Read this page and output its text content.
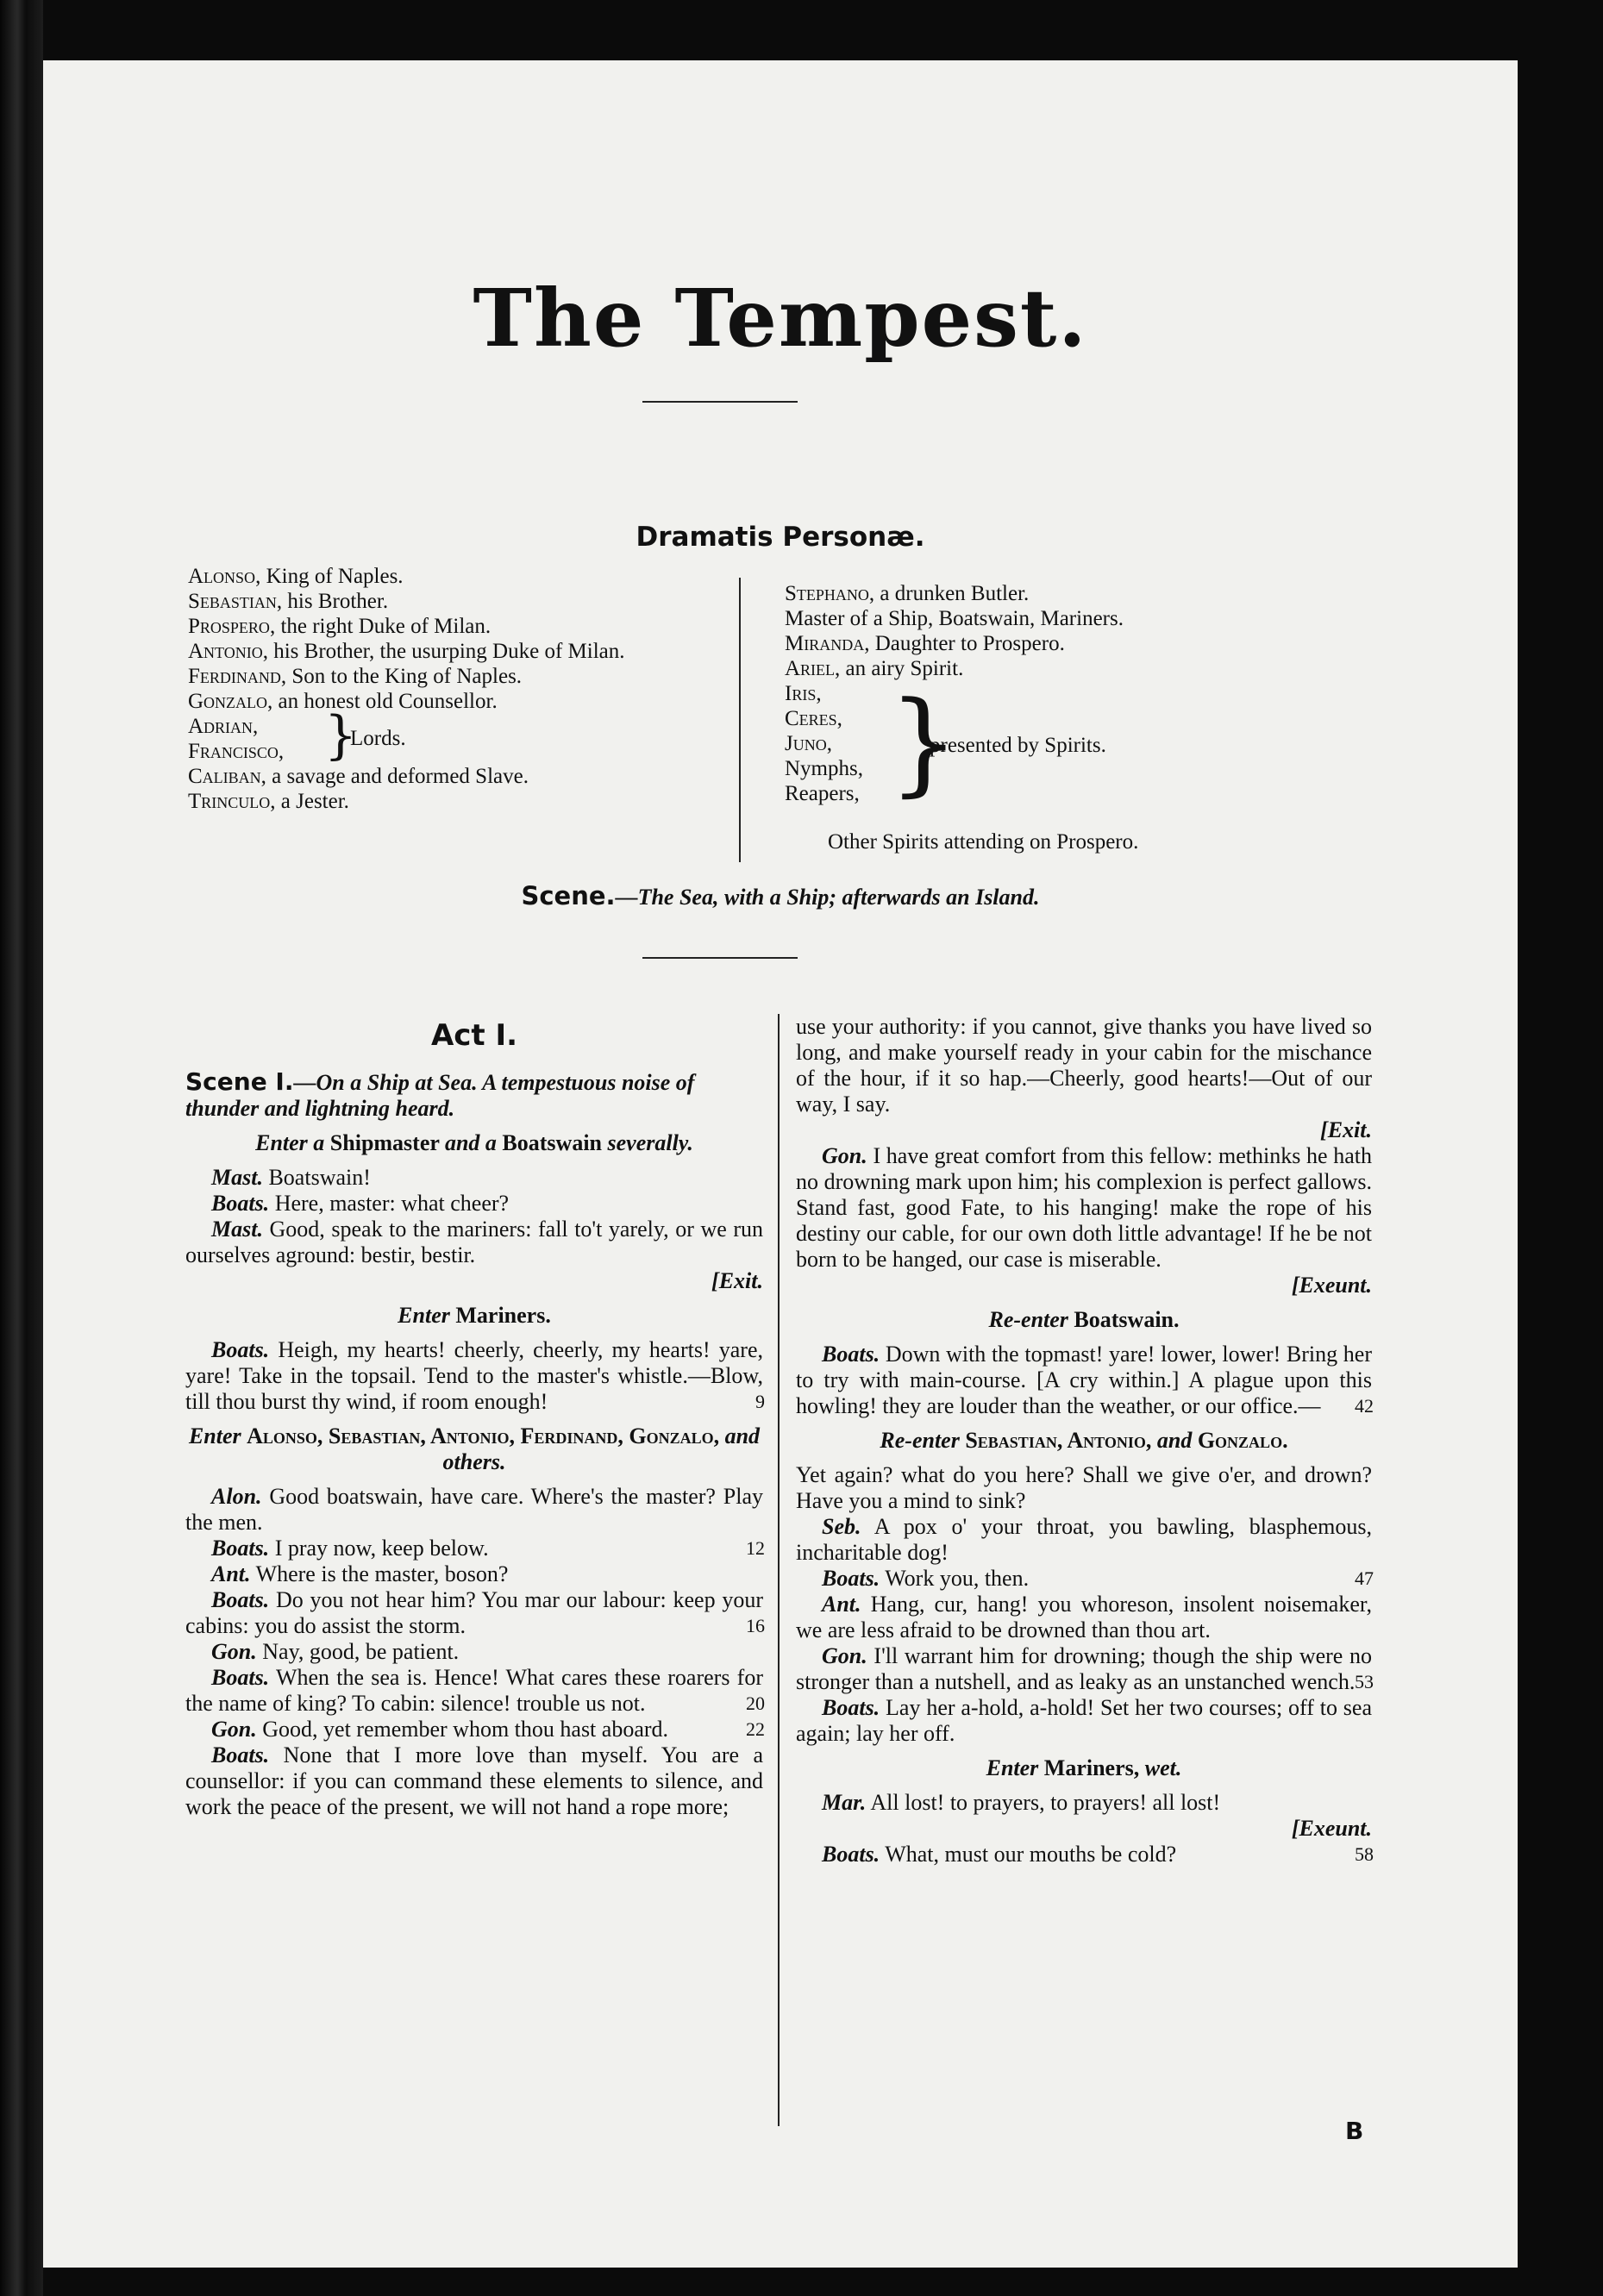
The Tempest.
Dramatis Personæ.

Alonso, King of Naples.

Sebastian, his Brother.

Prospero, the right Duke of Milan.

Antonio, his Brother, the usurping Duke of Milan.

Ferdinand, Son to the King of Naples.

Gonzalo, an honest old Counsellor.

Adrian,
Francisco, }
Lords.

Caliban, a savage and deformed Slave.

Trinculo, a Jester.

Stephano, a drunken Butler.

Master of a Ship, Boatswain, Mariners.

Miranda, Daughter to Prospero.

Ariel, an airy Spirit.

Iris,
Ceres,
Juno,
Nymphs,
Reapers, }
presented by Spirits.

Other Spirits attending on Prospero.

Scene.—The Sea, with a Ship; afterwards an Island.
Act I.

Scene I.—On a Ship at Sea. A tempestuous noise of thunder and lightning heard.

Enter a Shipmaster and a Boatswain severally.

Mast. Boatswain!

Boats. Here, master: what cheer?

Mast. Good, speak to the mariners: fall to't yarely, or we run ourselves aground: bestir, bestir.
[Exit.

Enter Mariners.

Boats. Heigh, my hearts! cheerly, cheerly, my hearts! yare, yare! Take in the topsail. Tend to the master's whistle.—Blow, till thou burst thy wind, if room enough!	9

Enter Alonso, Sebastian, Antonio, Ferdinand, Gonzalo, and others.

Alon. Good boatswain, have care. Where's the master? Play the men.

Boats. I pray now, keep below.	12

Ant. Where is the master, boson?

Boats. Do you not hear him? You mar our labour: keep your cabins: you do assist the storm.	16

Gon. Nay, good, be patient.

Boats. When the sea is. Hence! What cares these roarers for the name of king? To cabin: silence! trouble us not.	20

Gon. Good, yet remember whom thou hast aboard.	22

Boats. None that I more love than myself. You are a counsellor: if you can command these elements to silence, and work the peace of the present, we will not hand a rope more;

use your authority: if you cannot, give thanks you have lived so long, and make yourself ready in your cabin for the mischance of the hour, if it so hap.—Cheerly, good hearts!—Out of our way, I say.
[Exit.

Gon. I have great comfort from this fellow: methinks he hath no drowning mark upon him; his complexion is perfect gallows. Stand fast, good Fate, to his hanging! make the rope of his destiny our cable, for our own doth little advantage! If he be not born to be hanged, our case is miserable.
[Exeunt.

Re-enter Boatswain.

Boats. Down with the topmast! yare! lower, lower! Bring her to try with main-course. [A cry within.] A plague upon this howling! they are louder than the weather, or our office.—	42

Re-enter Sebastian, Antonio, and Gonzalo.

Yet again? what do you here? Shall we give o'er, and drown? Have you a mind to sink?

Seb. A pox o' your throat, you bawling, blasphemous, incharitable dog!

Boats. Work you, then.	47

Ant. Hang, cur, hang! you whoreson, insolent noisemaker, we are less afraid to be drowned than thou art.

Gon. I'll warrant him for drowning; though the ship were no stronger than a nutshell, and as leaky as an unstanched wench. 53

Boats. Lay her a-hold, a-hold! Set her two courses; off to sea again; lay her off.

Enter Mariners, wet.

Mar. All lost! to prayers, to prayers! all lost!
[Exeunt.

Boats. What, must our mouths be cold?	58

B
